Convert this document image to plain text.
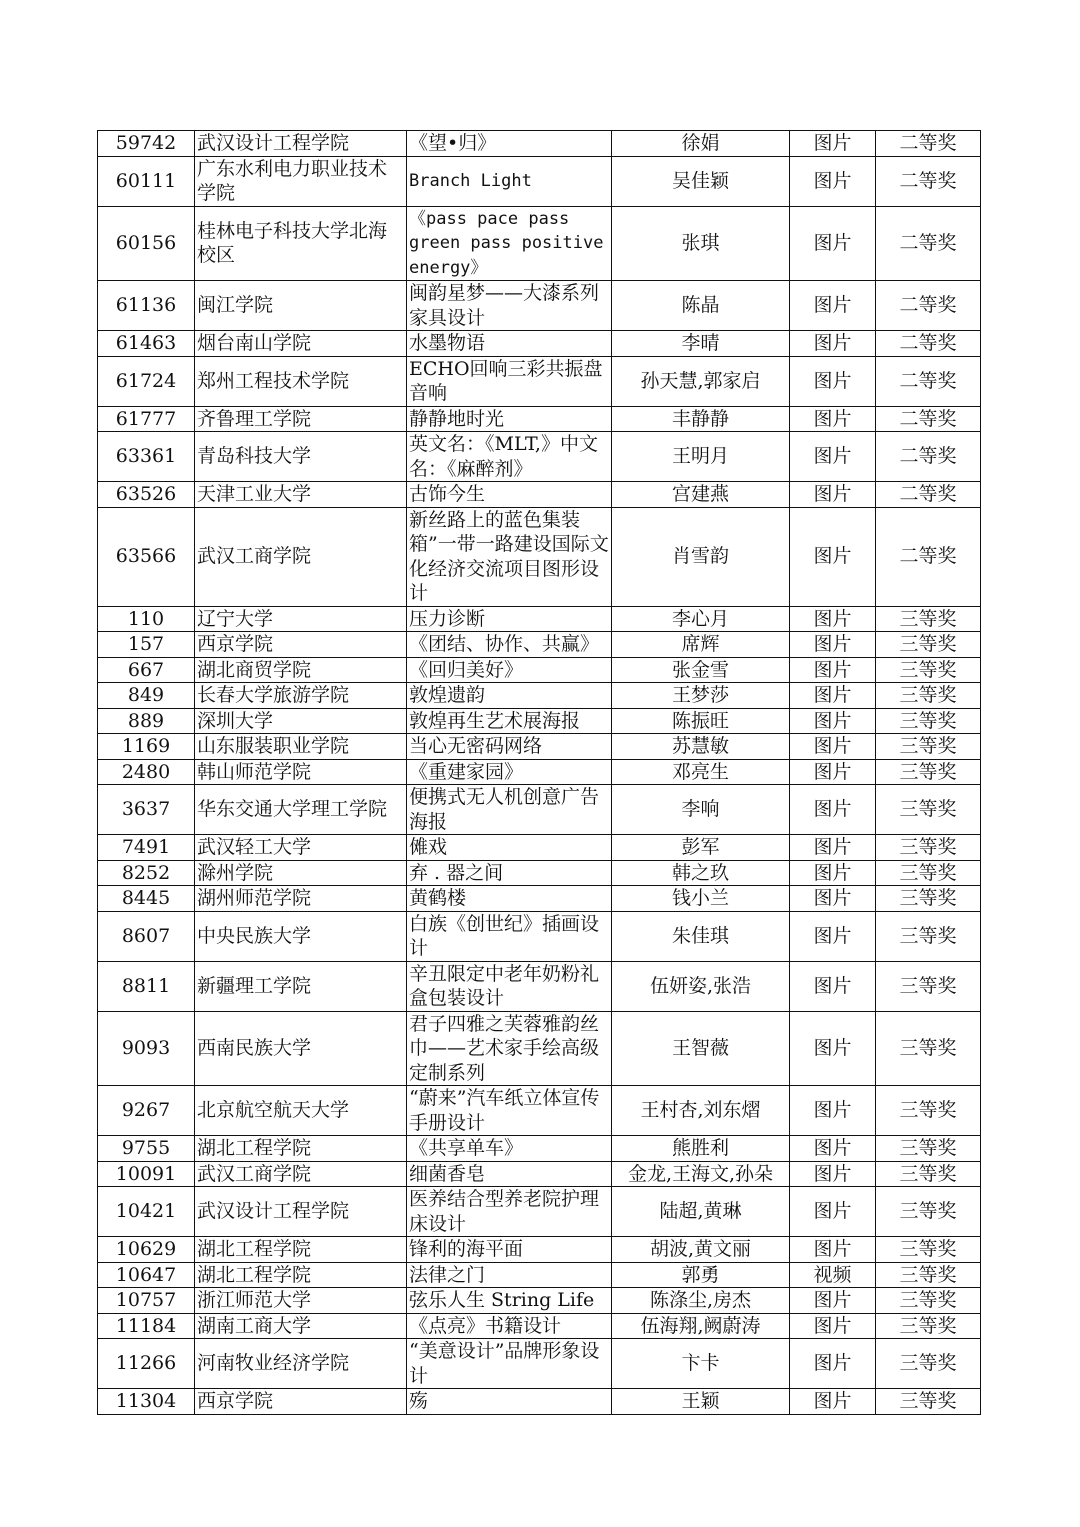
59742	武汉设计工程学院	《望•归》	徐娟	图片	二等奖
60111	广东水利电力职业技术学院	Branch Light	吴佳颖	图片	二等奖
60156	桂林电子科技大学北海校区	《pass pace pass green pass positive energy》	张琪	图片	二等奖
61136	闽江学院	闽韵星梦——大漆系列家具设计	陈晶	图片	二等奖
61463	烟台南山学院	水墨物语	李晴	图片	二等奖
61724	郑州工程技术学院	ECHO回响三彩共振盘音响	孙天慧,郭家启	图片	二等奖
61777	齐鲁理工学院	静静地时光	丰静静	图片	二等奖
63361	青岛科技大学	英文名：《MLT,》中文名：《麻醉剂》	王明月	图片	二等奖
63526	天津工业大学	古饰今生	宫建燕	图片	二等奖
63566	武汉工商学院	新丝路上的蓝色集装箱”一带一路建设国际文化经济交流项目图形设计	肖雪韵	图片	二等奖
110	辽宁大学	压力诊断	李心月	图片	三等奖
157	西京学院	《团结、协作、共赢》	席辉	图片	三等奖
667	湖北商贸学院	《回归美好》	张金雪	图片	三等奖
849	长春大学旅游学院	敦煌遗韵	王梦莎	图片	三等奖
889	深圳大学	敦煌再生艺术展海报	陈振旺	图片	三等奖
1169	山东服装职业学院	当心无密码网络	苏慧敏	图片	三等奖
2480	韩山师范学院	《重建家园》	邓亮生	图片	三等奖
3637	华东交通大学理工学院	便携式无人机创意广告海报	李响	图片	三等奖
7491	武汉轻工大学	傩戏	彭军	图片	三等奖
8252	滁州学院	弃 . 器之间	韩之玖	图片	三等奖
8445	湖州师范学院	黄鹤楼	钱小兰	图片	三等奖
8607	中央民族大学	白族《创世纪》插画设计	朱佳琪	图片	三等奖
8811	新疆理工学院	辛丑限定中老年奶粉礼盒包装设计	伍妍姿,张浩	图片	三等奖
9093	西南民族大学	君子四雅之芙蓉雅韵丝巾——艺术家手绘高级定制系列	王智薇	图片	三等奖
9267	北京航空航天大学	“蔚来”汽车纸立体宣传手册设计	王村杏,刘东熠	图片	三等奖
9755	湖北工程学院	《共享单车》	熊胜利	图片	三等奖
10091	武汉工商学院	细菌香皂	金龙,王海文,孙朵	图片	三等奖
10421	武汉设计工程学院	医养结合型养老院护理床设计	陆超,黄琳	图片	三等奖
10629	湖北工程学院	锋利的海平面	胡波,黄文丽	图片	三等奖
10647	湖北工程学院	法律之门	郭勇	视频	三等奖
10757	浙江师范大学	弦乐人生 String Life	陈涤尘,房杰	图片	三等奖
11184	湖南工商大学	《点亮》书籍设计	伍海翔,阙蔚涛	图片	三等奖
11266	河南牧业经济学院	“美意设计”品牌形象设计	卞卡	图片	三等奖
11304	西京学院	殇	王颖	图片	三等奖
